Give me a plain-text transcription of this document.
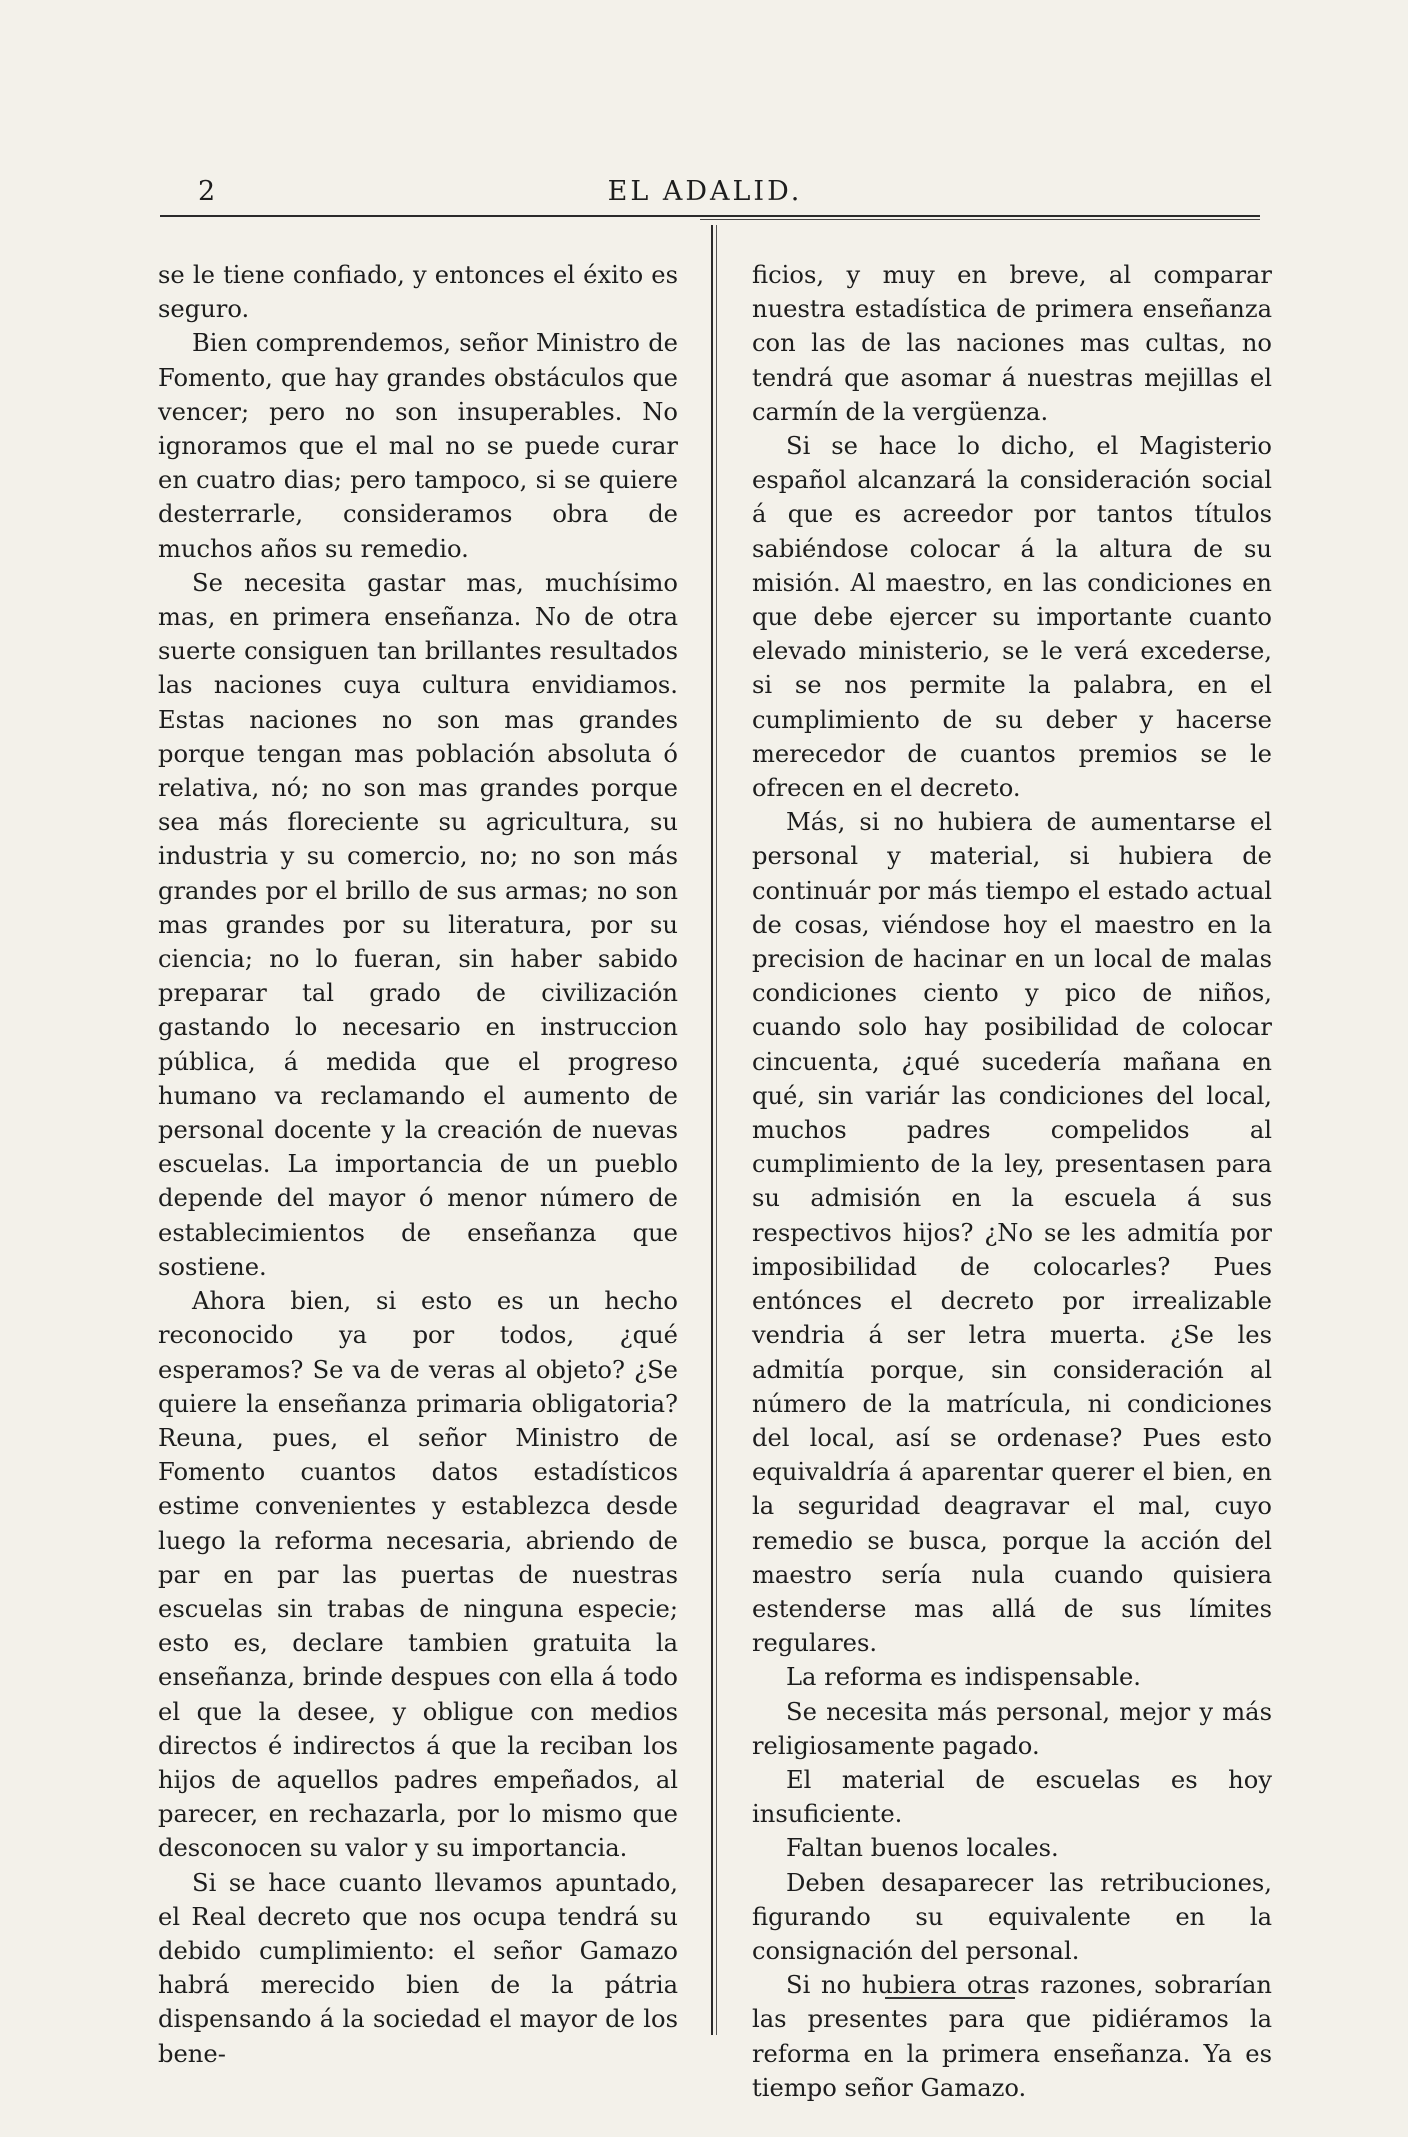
2	EL ADALID.

se le tiene confiado, y entonces el éxito es seguro.

Bien comprendemos, señor Ministro de Fomento, que hay grandes obstáculos que vencer; pero no son insuperables. No ignoramos que el mal no se puede curar en cuatro dias; pero tampoco, si se quiere desterrarle, consideramos obra de muchos años su remedio.

Se necesita gastar mas, muchísimo mas, en primera enseñanza. No de otra suerte consiguen tan brillantes resultados las naciones cuya cultura envidiamos. Estas naciones no son mas grandes porque tengan mas población absoluta ó relativa, nó; no son mas grandes porque sea más floreciente su agricultura, su industria y su comercio, no; no son más grandes por el brillo de sus armas; no son mas grandes por su literatura, por su ciencia; no lo fueran, sin haber sabido preparar tal grado de civilización gastando lo necesario en instruccion pública, á medida que el progreso humano va reclamando el aumento de personal docente y la creación de nuevas escuelas. La importancia de un pueblo depende del mayor ó menor número de establecimientos de enseñanza que sostiene.

Ahora bien, si esto es un hecho reconocido ya por todos, ¿qué esperamos? Se va de veras al objeto? ¿Se quiere la enseñanza primaria obligatoria? Reuna, pues, el señor Ministro de Fomento cuantos datos estadísticos estime convenientes y establezca desde luego la reforma necesaria, abriendo de par en par las puertas de nuestras escuelas sin trabas de ninguna especie; esto es, declare tambien gratuita la enseñanza, brinde despues con ella á todo el que la desee, y obligue con medios directos é indirectos á que la reciban los hijos de aquellos padres empeñados, al parecer, en rechazarla, por lo mismo que desconocen su valor y su importancia.

Si se hace cuanto llevamos apuntado, el Real decreto que nos ocupa tendrá su debido cumplimiento: el señor Gamazo habrá merecido bien de la pátria dispensando á la sociedad el mayor de los bene-

ficios, y muy en breve, al comparar nuestra estadística de primera enseñanza con las de las naciones mas cultas, no tendrá que asomar á nuestras mejillas el carmín de la vergüenza.

Si se hace lo dicho, el Magisterio español alcanzará la consideración social á que es acreedor por tantos títulos sabiéndose colocar á la altura de su misión. Al maestro, en las condiciones en que debe ejercer su importante cuanto elevado ministerio, se le verá excederse, si se nos permite la palabra, en el cumplimiento de su deber y hacerse merecedor de cuantos premios se le ofrecen en el decreto.

Más, si no hubiera de aumentarse el personal y material, si hubiera de continuár por más tiempo el estado actual de cosas, viéndose hoy el maestro en la precision de hacinar en un local de malas condiciones ciento y pico de niños, cuando solo hay posibilidad de colocar cincuenta, ¿qué sucedería mañana en qué, sin variár las condiciones del local, muchos padres compelidos al cumplimiento de la ley, presentasen para su admisión en la escuela á sus respectivos hijos? ¿No se les admitía por imposibilidad de colocarles? Pues entónces el decreto por irrealizable vendria á ser letra muerta. ¿Se les admitía porque, sin consideración al número de la matrícula, ni condiciones del local, así se ordenase? Pues esto equivaldría á aparentar querer el bien, en la seguridad deagravar el mal, cuyo remedio se busca, porque la acción del maestro sería nula cuando quisiera estenderse mas allá de sus límites regulares.

La reforma es indispensable.

Se necesita más personal, mejor y más religiosamente pagado.

El material de escuelas es hoy insuficiente.

Faltan buenos locales.

Deben desaparecer las retribuciones, figurando su equivalente en la consignación del personal.

Si no hubiera otras razones, sobrarían las presentes para que pidiéramos la reforma en la primera enseñanza. Ya es tiempo señor Gamazo.
